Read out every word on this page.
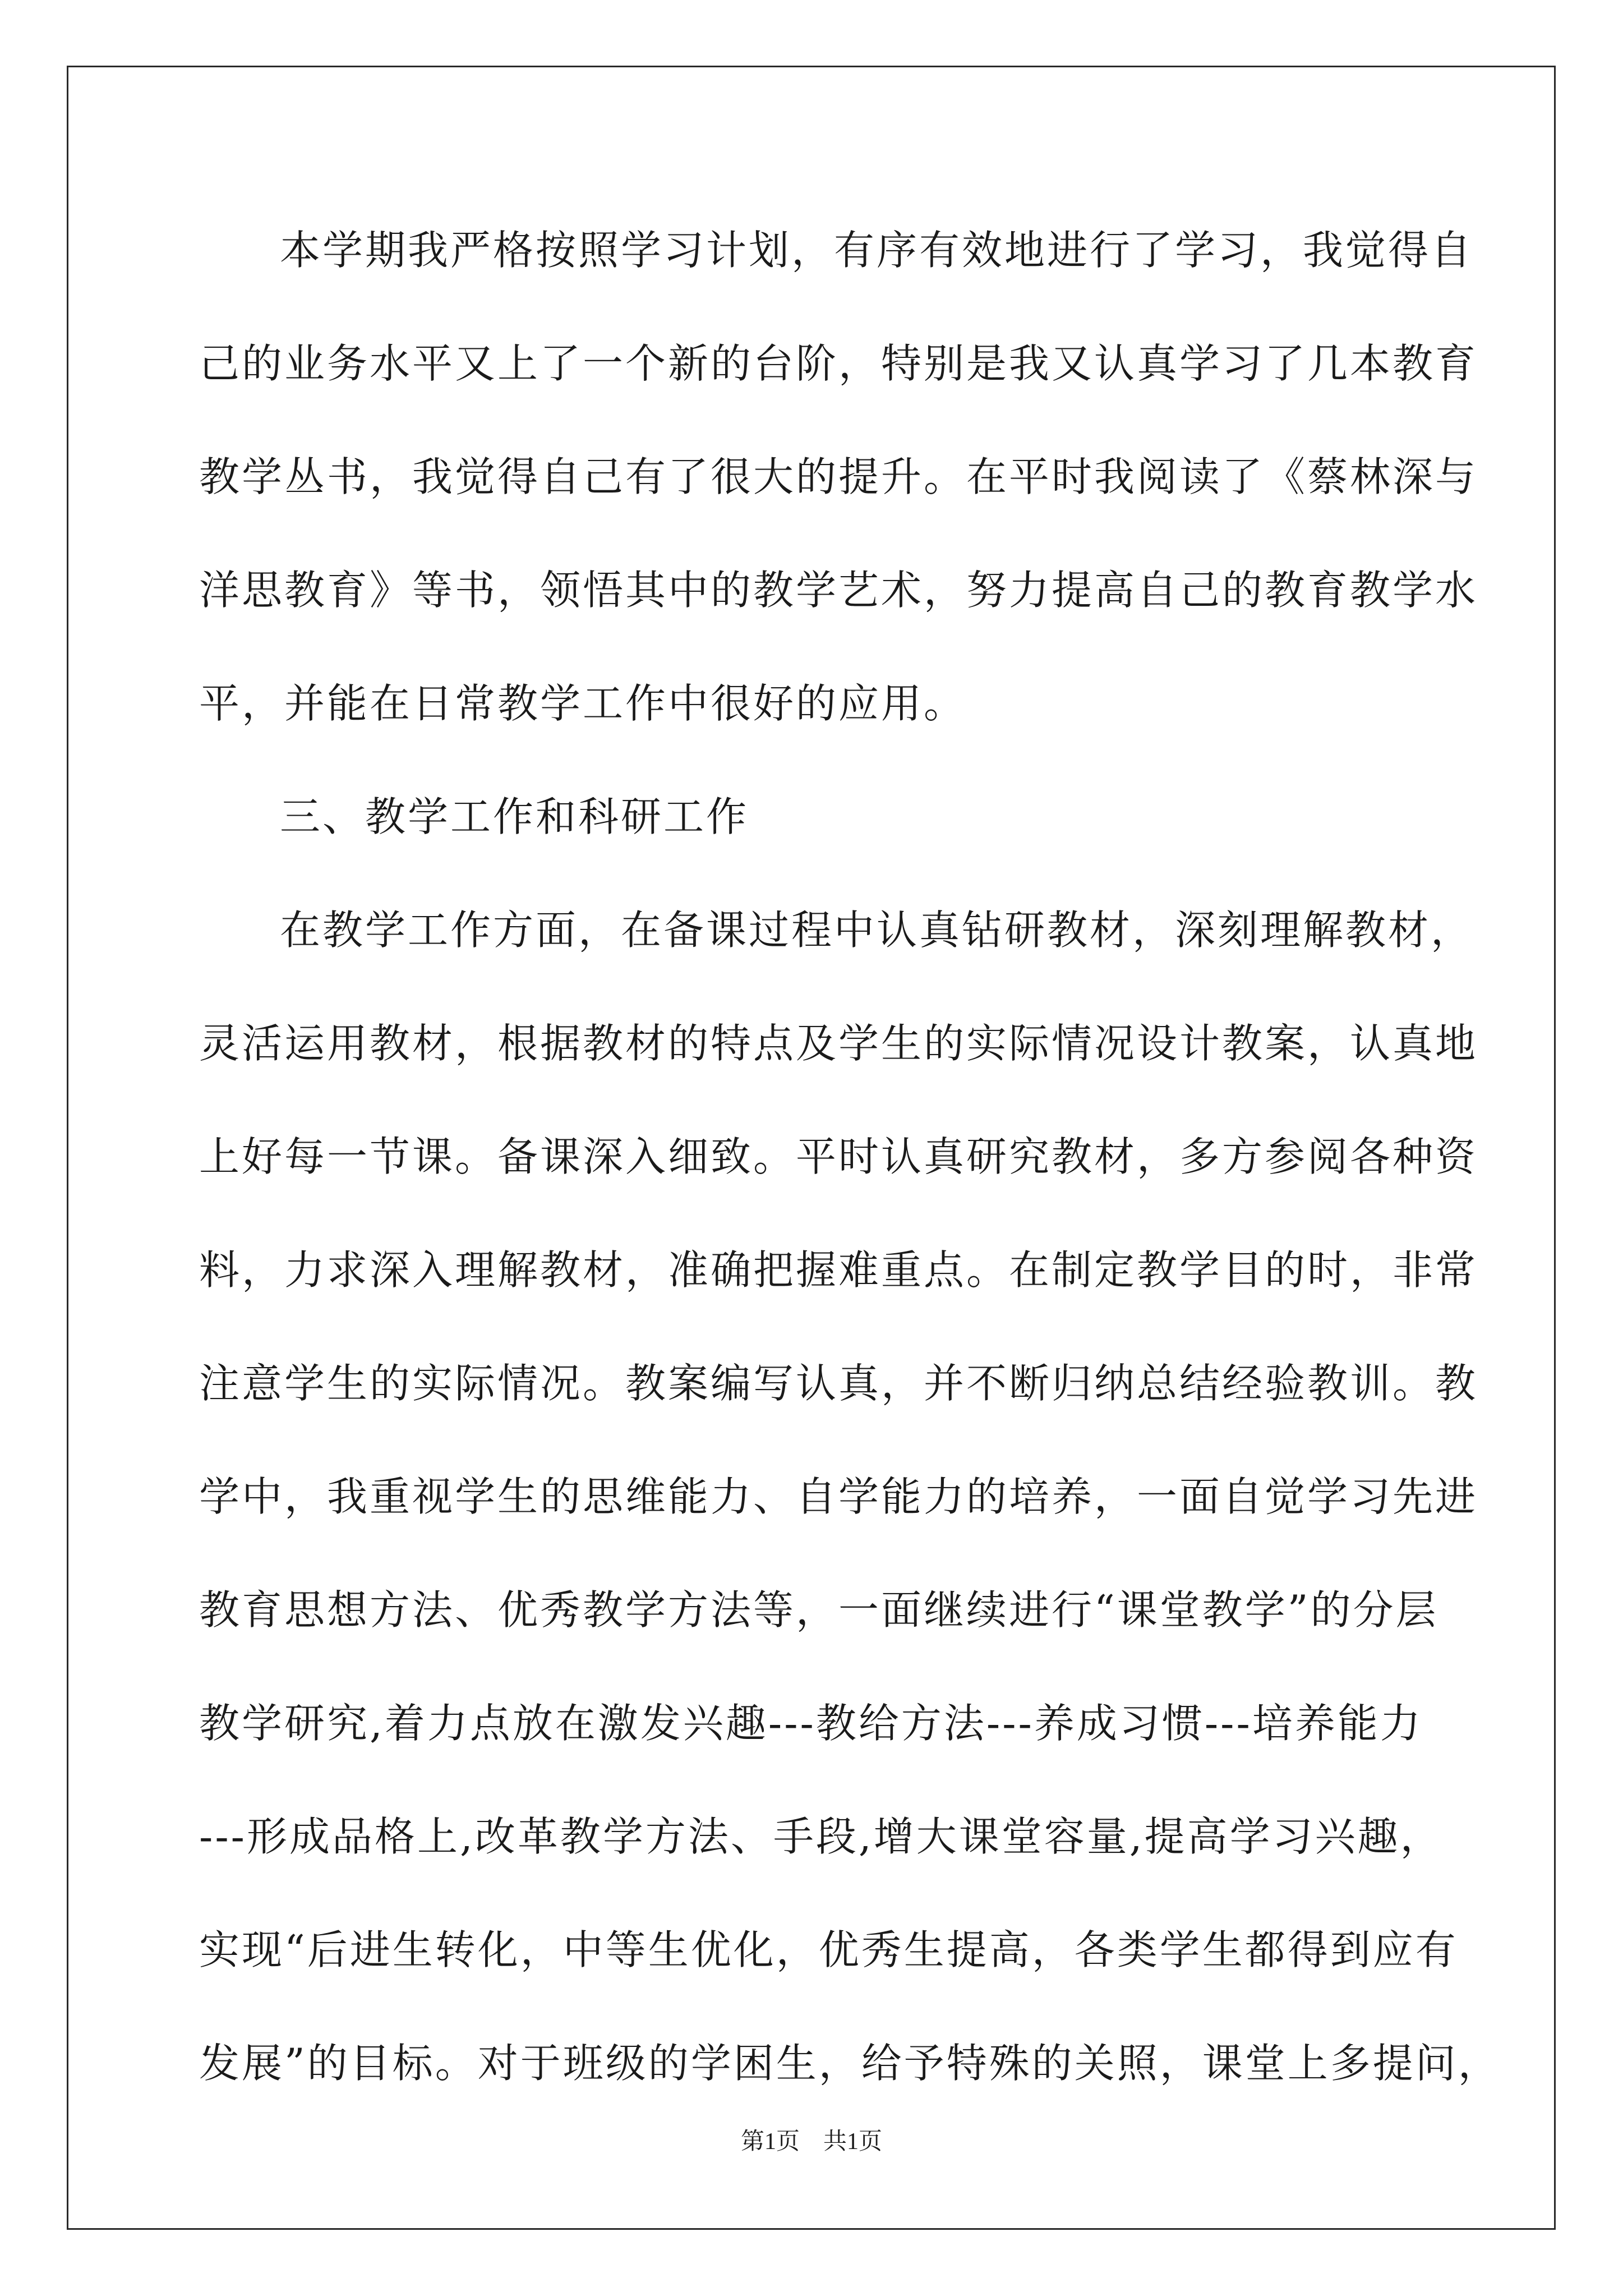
本学期我严格按照学习计划，有序有效地进行了学习，我觉得自
己的业务水平又上了一个新的台阶，特别是我又认真学习了几本教育
教学丛书，我觉得自己有了很大的提升。在平时我阅读了《蔡林深与
洋思教育》等书，领悟其中的教学艺术，努力提高自己的教育教学水
平，并能在日常教学工作中很好的应用。
三、教学工作和科研工作
在教学工作方面，在备课过程中认真钻研教材，深刻理解教材，
灵活运用教材，根据教材的特点及学生的实际情况设计教案，认真地
上好每一节课。备课深入细致。平时认真研究教材，多方参阅各种资
料，力求深入理解教材，准确把握难重点。在制定教学目的时，非常
注意学生的实际情况。教案编写认真，并不断归纳总结经验教训。教
学中，我重视学生的思维能力、自学能力的培养，一面自觉学习先进
教育思想方法、优秀教学方法等，一面继续进行“课堂教学”的分层
教学研究,着力点放在激发兴趣---教给方法---养成习惯---培养能力
---形成品格上,改革教学方法、手段,增大课堂容量,提高学习兴趣，
实现“后进生转化，中等生优化，优秀生提高，各类学生都得到应有
发展”的目标。对于班级的学困生，给予特殊的关照，课堂上多提问，
第1页　共1页
